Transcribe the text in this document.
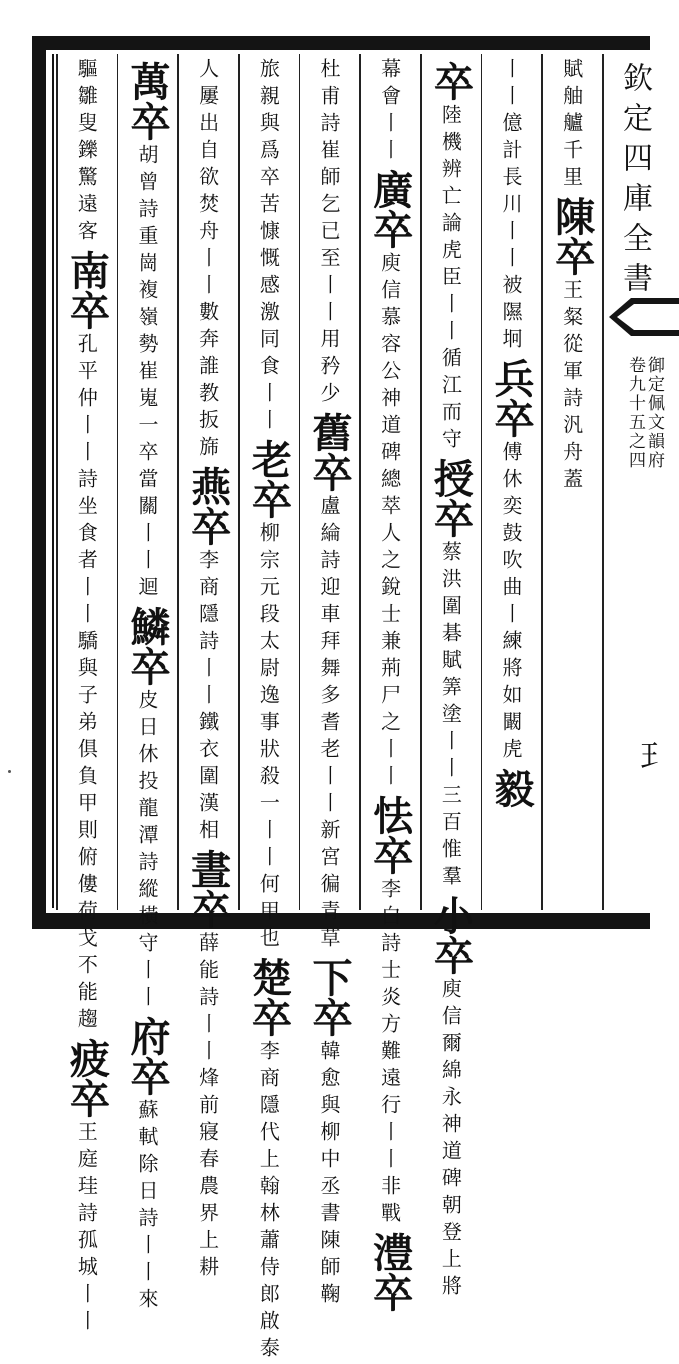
賦舳艫千里
陳卒
王粲從軍詩汎舟蓋
丨丨億計
長川丨丨被隰坰
兵卒
傅休奕鼓吹曲丨
練將如闞虎
毅
卒
陸機辨亡論虎臣
丨丨循江而守
授卒
蔡洪圍碁賦筭塗
丨丨三百惟羣
小卒
庾信爾綿永神
道碑朝登上將
幕會
丨丨
廣卒
庾信慕容公神道碑總萃
人之銳士兼荊尸之丨丨
怯卒
李白詩
士炎方難遠行
丨丨非戰
澧卒
杜甫詩崔師乞已
至丨丨用矜少
舊卒
盧綸詩迎車拜舞多耆
老丨丨新宮徧青草
下卒
韓愈與柳中
丞書陳師鞠
旅親與爲卒苦慷
慨感激同食丨丨
老卒
柳宗元段太尉逸事
狀殺一丨丨何甲也
楚卒
李商隱代上翰
林蕭侍郎啟泰
人屢出自欲焚舟丨
丨數奔誰教扳旆
燕卒
李商隱詩丨丨
鐵衣圍漢相
晝卒
薛能詩丨丨烽前
寢春農界上耕
萬卒
胡曾詩重崗複嶺勢崔
嵬一卒當關丨丨迴
鱗卒
皮日休投龍潭
詩縱橫守丨丨
府卒
蘇軾除日
詩丨丨來
驅雛叟鑠
驚遠客
南卒
孔平仲丨丨詩坐食者丨丨驕與
子弟俱負甲則俯僂荷戈不能趨
疲卒
王庭珪詩
孤城丨丨
欽定四庫全書
御定佩文韻府
卷九十五之四
𤣩
